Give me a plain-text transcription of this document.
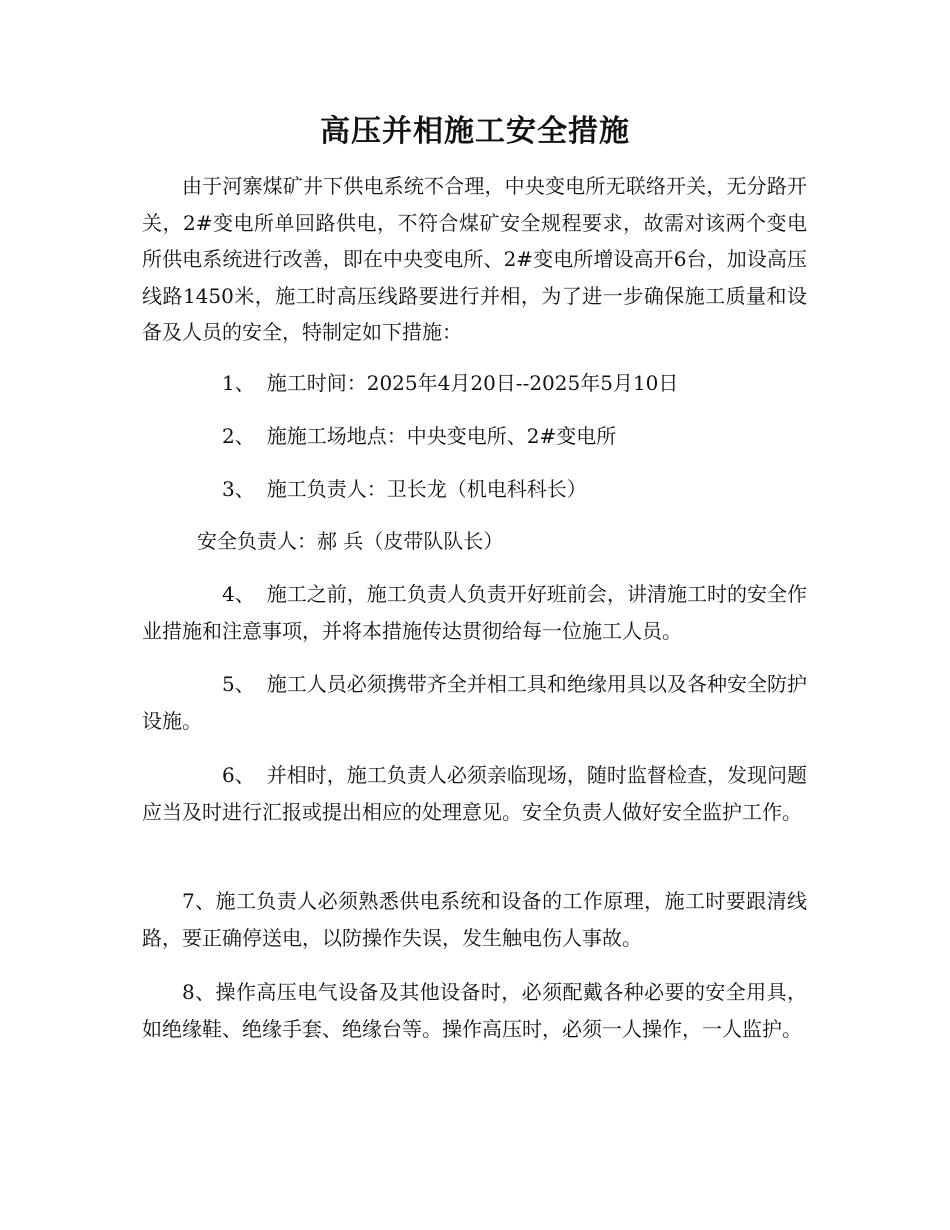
高压并相施工安全措施

由于河寨煤矿井下供电系统不合理，中央变电所无联络开关，无分路开关，2#变电所单回路供电，不符合煤矿安全规程要求，故需对该两个变电所供电系统进行改善，即在中央变电所、2#变电所增设高开6台，加设高压线路1450米，施工时高压线路要进行并相，为了进一步确保施工质量和设备及人员的安全，特制定如下措施：

1、 施工时间：2025年4月20日--2025年5月10日

2、 施施工场地点：中央变电所、2#变电所

3、 施工负责人：卫长龙（机电科科长）

安全负责人：郝 兵（皮带队队长）

4、 施工之前，施工负责人负责开好班前会，讲清施工时的安全作业措施和注意事项，并将本措施传达贯彻给每一位施工人员。

5、 施工人员必须携带齐全并相工具和绝缘用具以及各种安全防护设施。

6、 并相时，施工负责人必须亲临现场，随时监督检查，发现问题应当及时进行汇报或提出相应的处理意见。安全负责人做好安全监护工作。

7、施工负责人必须熟悉供电系统和设备的工作原理，施工时要跟清线路，要正确停送电，以防操作失误，发生触电伤人事故。

8、操作高压电气设备及其他设备时，必须配戴各种必要的安全用具，如绝缘鞋、绝缘手套、绝缘台等。操作高压时，必须一人操作，一人监护。
